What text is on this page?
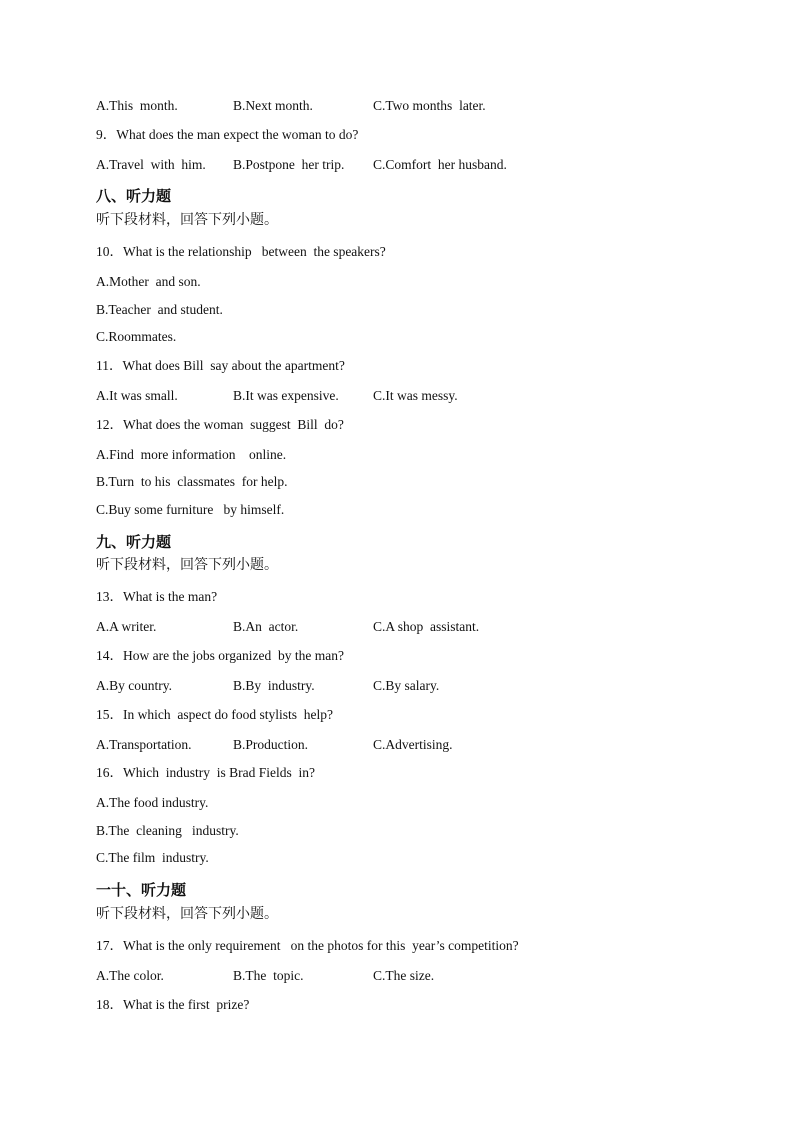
A.This  month.	B.Next month.	C.Two months  later.
9．What does the man expect the woman to do?
A.Travel  with  him. B.Postpone  her trip. C.Comfort  her husband.
八、听力题
听下段材料，回答下列小题。
10．What is the relationship   between  the speakers?
A.Mother  and son.
B.Teacher  and student.
C.Roommates.
11．What does Bill  say about the apartment?
A.It was small.	B.It was expensive.	C.It was messy.
12．What does the woman  suggest  Bill  do?
A.Find  more information    online.
B.Turn  to his  classmates  for help.
C.Buy some furniture   by himself.
九、听力题
听下段材料，回答下列小题。
13．What is the man?
A.A writer.	B.An  actor.	C.A shop  assistant.
14．How are the jobs organized  by the man?
A.By country.	B.By  industry.	C.By salary.
15．In which  aspect do food stylists  help?
A.Transportation.	B.Production.	C.Advertising.
16．Which  industry  is Brad Fields  in?
A.The food industry.
B.The  cleaning   industry.
C.The film  industry.
一十、听力题
听下段材料，回答下列小题。
17．What is the only requirement   on the photos for this  year’s competition?
A.The color.	B.The  topic.	C.The size.
18．What is the first  prize?
